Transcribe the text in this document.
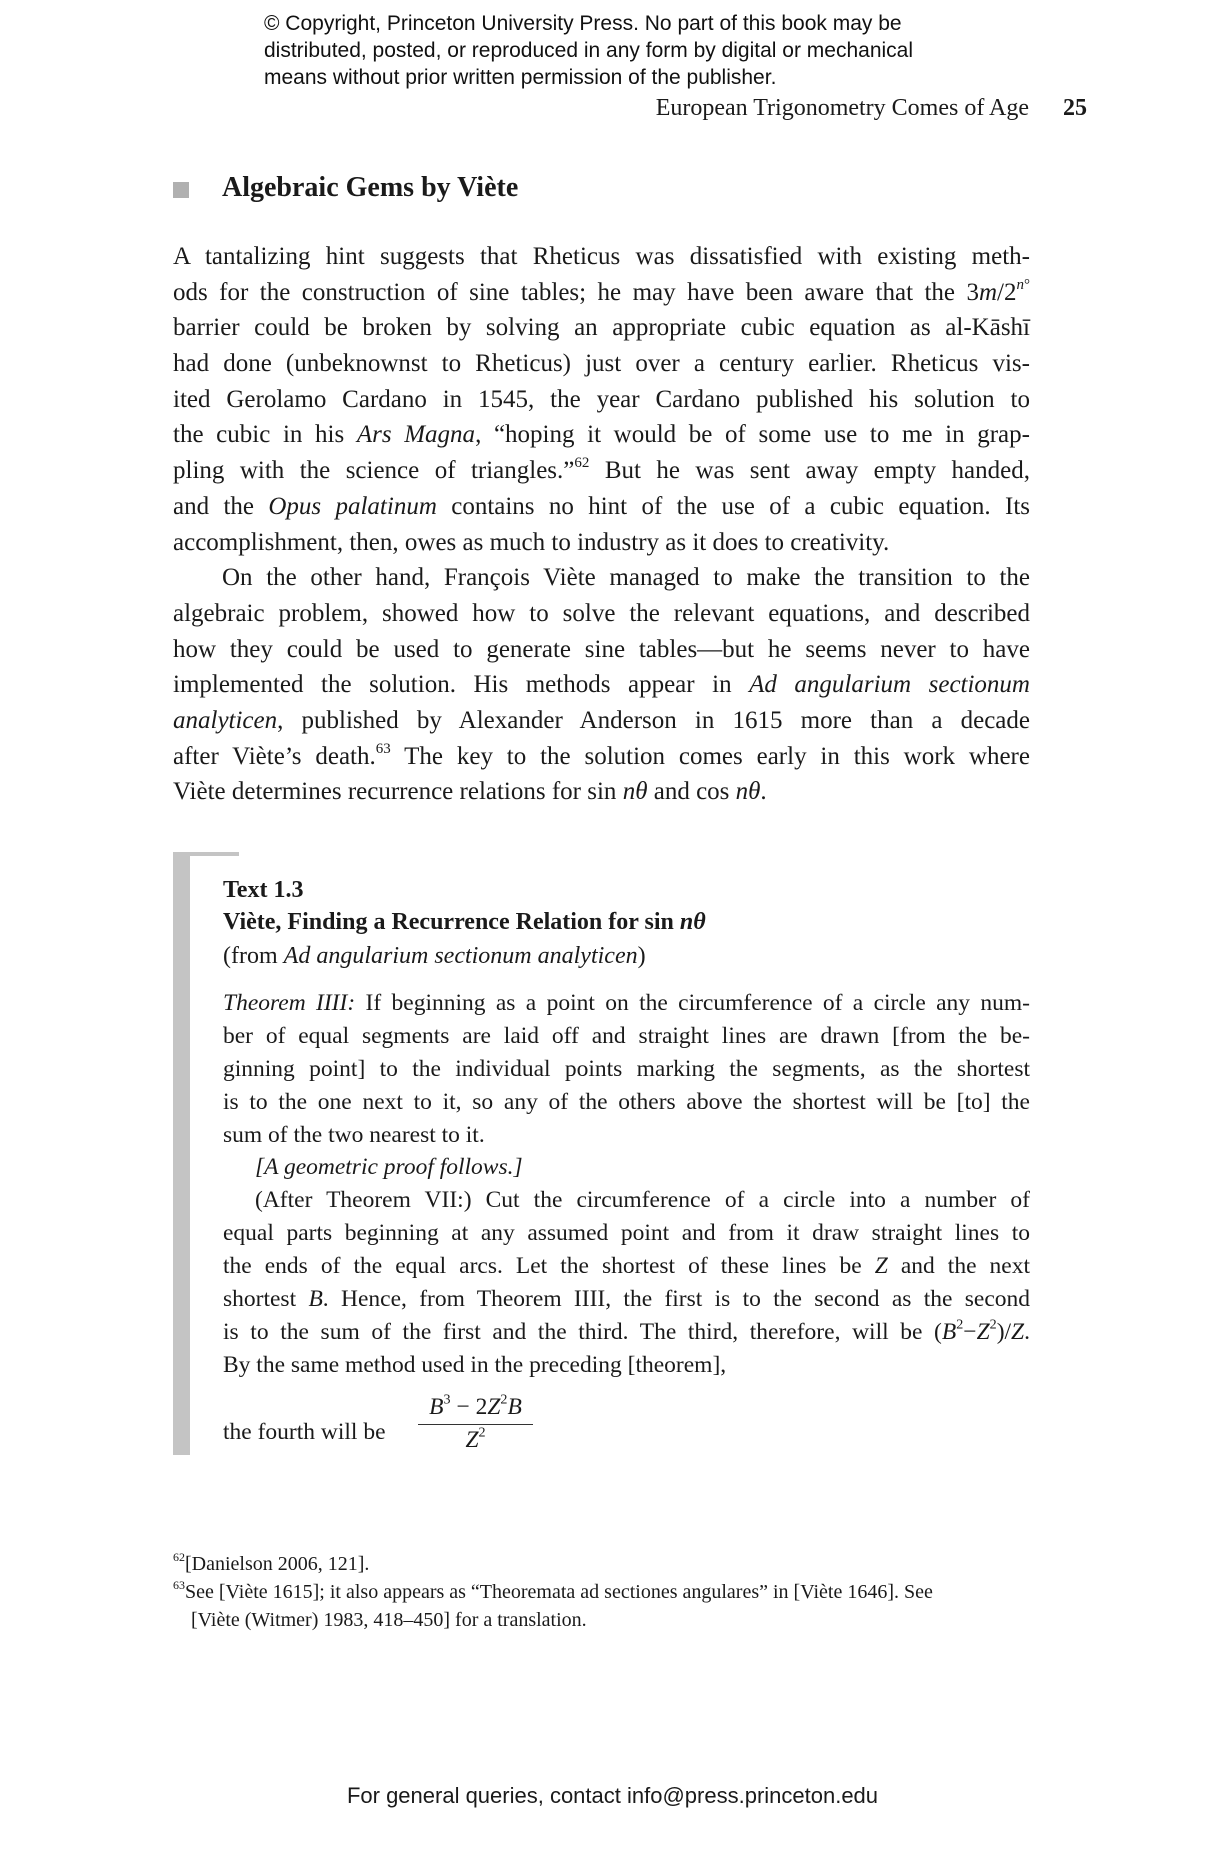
© Copyright, Princeton University Press. No part of this book may be
distributed, posted, or reproduced in any form by digital or mechanical
means without prior written permission of the publisher.
European Trigonometry Comes of Age 25
Algebraic Gems by Viète
A tantalizing hint suggests that Rheticus was dissatisfied with existing meth-
ods for the construction of sine tables; he may have been aware that the $3m/2^{n^\circ}$
barrier could be broken by solving an appropriate cubic equation as al-Kāshī
had done (unbeknownst to Rheticus) just over a century earlier. Rheticus vis-
ited Gerolamo Cardano in 1545, the year Cardano published his solution to
the cubic in his Ars Magna, “hoping it would be of some use to me in grap-
pling with the science of triangles.”$^{62}$ But he was sent away empty handed,
and the Opus palatinum contains no hint of the use of a cubic equation. Its
accomplishment, then, owes as much to industry as it does to creativity.
On the other hand, François Viète managed to make the transition to the
algebraic problem, showed how to solve the relevant equations, and described
how they could be used to generate sine tables—but he seems never to have
implemented the solution. His methods appear in Ad angularium sectionum
analyticen, published by Alexander Anderson in 1615 more than a decade
after Viète’s death.$^{63}$ The key to the solution comes early in this work where
Viète determines recurrence relations for sin nθ and cos nθ.
Text 1.3
Viète, Finding a Recurrence Relation for sin nθ
(from Ad angularium sectionum analyticen)
Theorem IIII: If beginning as a point on the circumference of a circle any num-
ber of equal segments are laid off and straight lines are drawn [from the be-
ginning point] to the individual points marking the segments, as the shortest
is to the one next to it, so any of the others above the shortest will be [to] the
sum of the two nearest to it.
[A geometric proof follows.]
(After Theorem VII:) Cut the circumference of a circle into a number of
equal parts beginning at any assumed point and from it draw straight lines to
the ends of the equal arcs. Let the shortest of these lines be Z and the next
shortest B. Hence, from Theorem IIII, the first is to the second as the second
is to the sum of the first and the third. The third, therefore, will be $(B^2-Z^2)/Z$.
By the same method used in the preceding [theorem],
the fourth will be $\frac{B^3 - 2Z^2B}{Z^2}$
$^{62}$[Danielson 2006, 121].
$^{63}$See [Viète 1615]; it also appears as “Theoremata ad sectiones angulares” in [Viète 1646]. See
[Viète (Witmer) 1983, 418–450] for a translation.
For general queries, contact info@press.princeton.edu
